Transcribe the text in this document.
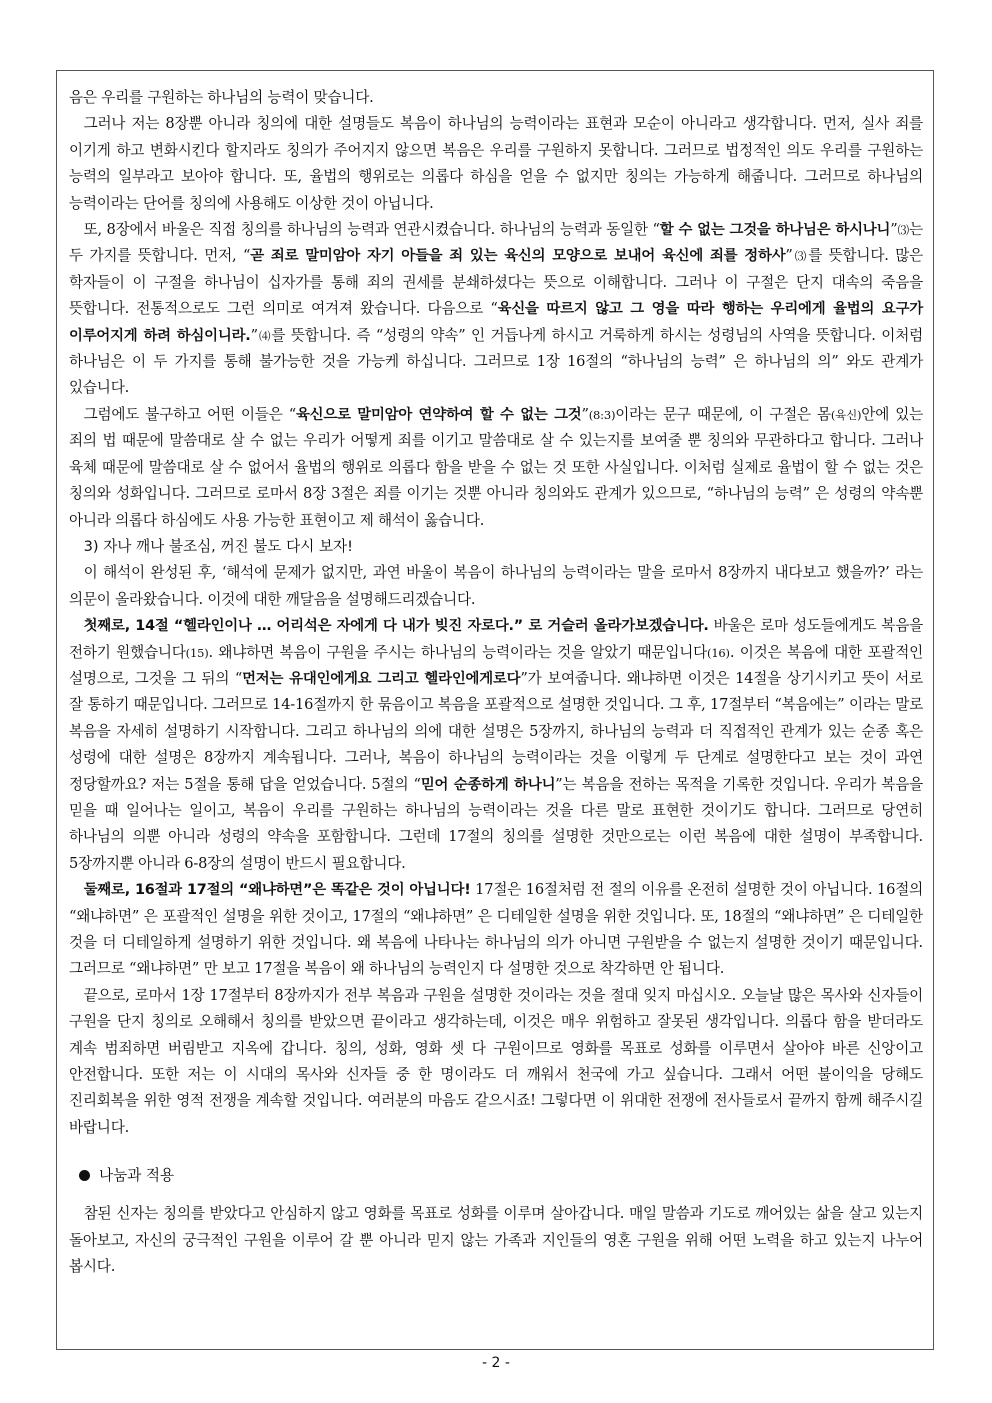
음은 우리를 구원하는 하나님의 능력이 맞습니다.

그러나 저는 8장뿐 아니라 칭의에 대한 설명들도 복음이 하나님의 능력이라는 표현과 모순이 아니라고 생각합니다. 먼저, 실사 죄를 이기게 하고 변화시킨다 할지라도 칭의가 주어지지 않으면 복음은 우리를 구원하지 못합니다. 그러므로 법정적인 의도 우리를 구원하는 능력의 일부라고 보아야 합니다. 또, 율법의 행위로는 의롭다 하심을 얻을 수 없지만 칭의는 가능하게 해줍니다. 그러므로 하나님의 능력이라는 단어를 칭의에 사용해도 이상한 것이 아닙니다.

또, 8장에서 바울은 직접 칭의를 하나님의 능력과 연관시켰습니다. 하나님의 능력과 동일한 “할 수 없는 그것을 하나님은 하시나니”⑶는 두 가지를 뜻합니다. 먼저, “곧 죄로 말미암아 자기 아들을 죄 있는 육신의 모양으로 보내어 육신에 죄를 정하사”⑶를 뜻합니다. 많은 학자들이 이 구절을 하나님이 십자가를 통해 죄의 권세를 분쇄하셨다는 뜻으로 이해합니다. 그러나 이 구절은 단지 대속의 죽음을 뜻합니다. 전통적으로도 그런 의미로 여겨져 왔습니다. 다음으로 “육신을 따르지 않고 그 영을 따라 행하는 우리에게 율법의 요구가 이루어지게 하려 하심이니라.”⑷를 뜻합니다. 즉 “성령의 약속” 인 거듭나게 하시고 거룩하게 하시는 성령님의 사역을 뜻합니다. 이처럼 하나님은 이 두 가지를 통해 불가능한 것을 가능케 하십니다. 그러므로 1장 16절의 “하나님의 능력” 은 하나님의 의” 와도 관계가 있습니다.

그럼에도 불구하고 어떤 이들은 “육신으로 말미암아 연약하여 할 수 없는 그것”(8:3)이라는 문구 때문에, 이 구절은 몸(육신)안에 있는 죄의 법 때문에 말씀대로 살 수 없는 우리가 어떻게 죄를 이기고 말씀대로 살 수 있는지를 보여줄 뿐 칭의와 무관하다고 합니다. 그러나 육체 때문에 말씀대로 살 수 없어서 율법의 행위로 의롭다 함을 받을 수 없는 것 또한 사실입니다. 이처럼 실제로 율법이 할 수 없는 것은 칭의와 성화입니다. 그러므로 로마서 8장 3절은 죄를 이기는 것뿐 아니라 칭의와도 관계가 있으므로, “하나님의 능력” 은 성령의 약속뿐 아니라 의롭다 하심에도 사용 가능한 표현이고 제 해석이 옳습니다.

3) 자나 깨나 불조심, 꺼진 불도 다시 보자!

이 해석이 완성된 후, ‘해석에 문제가 없지만, 과연 바울이 복음이 하나님의 능력이라는 말을 로마서 8장까지 내다보고 했을까?’ 라는 의문이 올라왔습니다. 이것에 대한 깨달음을 설명해드리겠습니다.

첫째로, 14절 “헬라인이나 … 어리석은 자에게 다 내가 빚진 자로다.” 로 거슬러 올라가보겠습니다. 바울은 로마 성도들에게도 복음을 전하기 원했습니다(15). 왜냐하면 복음이 구원을 주시는 하나님의 능력이라는 것을 알았기 때문입니다(16). 이것은 복음에 대한 포괄적인 설명으로, 그것을 그 뒤의 “먼저는 유대인에게요 그리고 헬라인에게로다”가 보여줍니다. 왜냐하면 이것은 14절을 상기시키고 뜻이 서로 잘 통하기 때문입니다. 그러므로 14-16절까지 한 묶음이고 복음을 포괄적으로 설명한 것입니다. 그 후, 17절부터 “복음에는” 이라는 말로 복음을 자세히 설명하기 시작합니다. 그리고 하나님의 의에 대한 설명은 5장까지, 하나님의 능력과 더 직접적인 관계가 있는 순종 혹은 성령에 대한 설명은 8장까지 계속됩니다. 그러나, 복음이 하나님의 능력이라는 것을 이렇게 두 단계로 설명한다고 보는 것이 과연 정당할까요? 저는 5절을 통해 답을 얻었습니다. 5절의 “믿어 순종하게 하나니”는 복음을 전하는 목적을 기록한 것입니다. 우리가 복음을 믿을 때 일어나는 일이고, 복음이 우리를 구원하는 하나님의 능력이라는 것을 다른 말로 표현한 것이기도 합니다. 그러므로 당연히 하나님의 의뿐 아니라 성령의 약속을 포함합니다. 그런데 17절의 칭의를 설명한 것만으로는 이런 복음에 대한 설명이 부족합니다. 5장까지뿐 아니라 6-8장의 설명이 반드시 필요합니다.

둘째로, 16절과 17절의 “왜냐하면”은 똑같은 것이 아닙니다! 17절은 16절처럼 전 절의 이유를 온전히 설명한 것이 아닙니다. 16절의 “왜냐하면” 은 포괄적인 설명을 위한 것이고, 17절의 “왜냐하면” 은 디테일한 설명을 위한 것입니다. 또, 18절의 “왜냐하면” 은 디테일한 것을 더 디테일하게 설명하기 위한 것입니다. 왜 복음에 나타나는 하나님의 의가 아니면 구원받을 수 없는지 설명한 것이기 때문입니다. 그러므로 “왜냐하면” 만 보고 17절을 복음이 왜 하나님의 능력인지 다 설명한 것으로 착각하면 안 됩니다.

끝으로, 로마서 1장 17절부터 8장까지가 전부 복음과 구원을 설명한 것이라는 것을 절대 잊지 마십시오. 오늘날 많은 목사와 신자들이 구원을 단지 칭의로 오해해서 칭의를 받았으면 끝이라고 생각하는데, 이것은 매우 위험하고 잘못된 생각입니다. 의롭다 함을 받더라도 계속 범죄하면 버림받고 지옥에 갑니다. 칭의, 성화, 영화 셋 다 구원이므로 영화를 목표로 성화를 이루면서 살아야 바른 신앙이고 안전합니다. 또한 저는 이 시대의 목사와 신자들 중 한 명이라도 더 깨워서 천국에 가고 싶습니다. 그래서 어떤 불이익을 당해도 진리회복을 위한 영적 전쟁을 계속할 것입니다. 여러분의 마음도 같으시죠! 그렇다면 이 위대한 전쟁에 전사들로서 끝까지 함께 해주시길 바랍니다.

나눔과 적용

참된 신자는 칭의를 받았다고 안심하지 않고 영화를 목표로 성화를 이루며 살아갑니다. 매일 말씀과 기도로 깨어있는 삶을 살고 있는지 돌아보고, 자신의 궁극적인 구원을 이루어 갈 뿐 아니라 믿지 않는 가족과 지인들의 영혼 구원을 위해 어떤 노력을 하고 있는지 나누어 봅시다.

- 2 -
